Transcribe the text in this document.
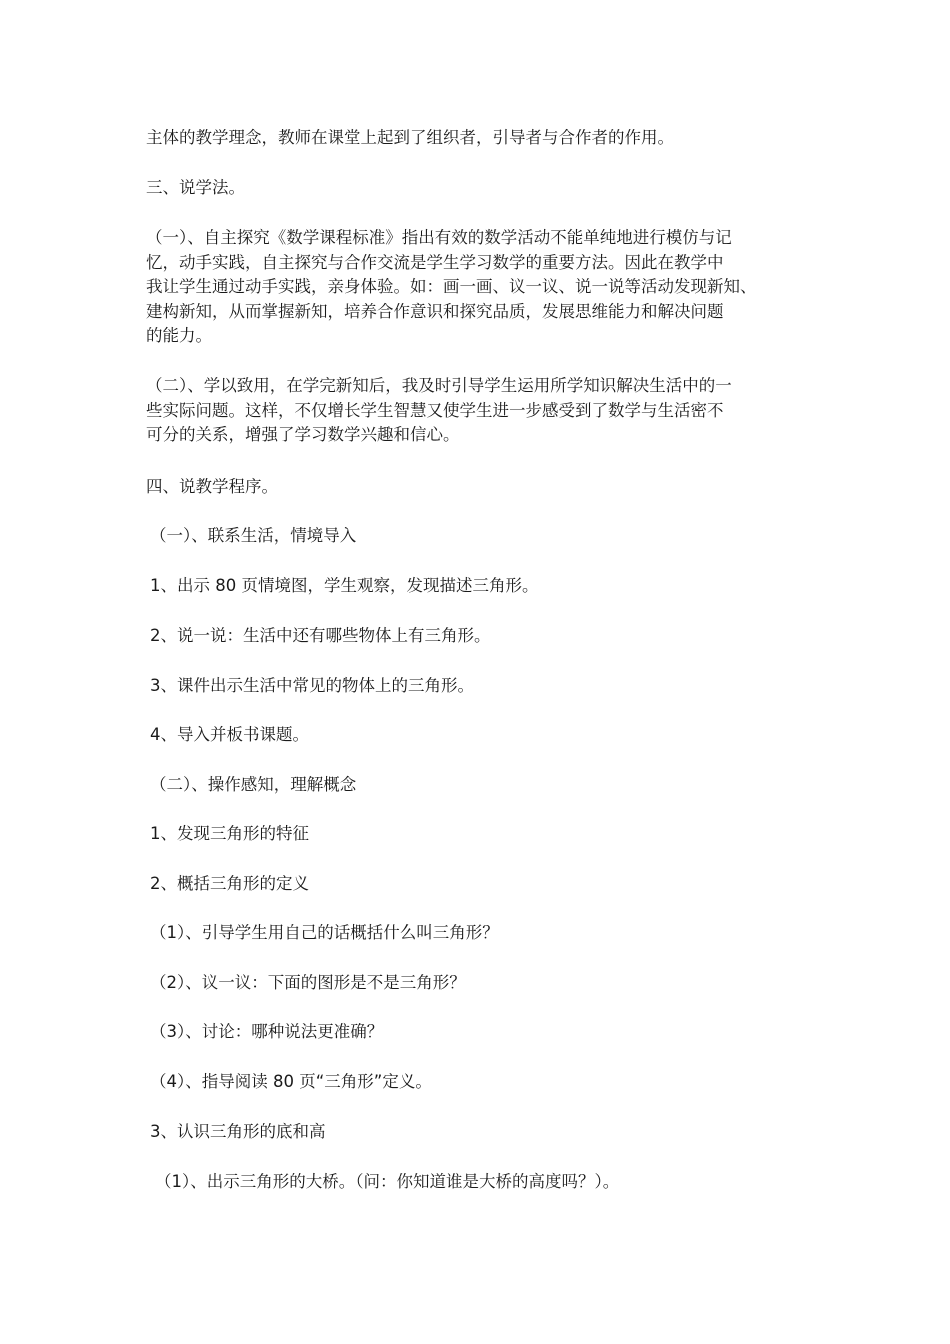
主体的教学理念，教师在课堂上起到了组织者，引导者与合作者的作用。

三、说学法。

（一）、自主探究《数学课程标准》指出有效的数学活动不能单纯地进行模仿与记
忆，动手实践，自主探究与合作交流是学生学习数学的重要方法。因此在教学中
我让学生通过动手实践，亲身体验。如：画一画、议一议、说一说等活动发现新知、
建构新知，从而掌握新知，培养合作意识和探究品质，发展思维能力和解决问题
的能力。
（二）、学以致用，在学完新知后，我及时引导学生运用所学知识解决生活中的一
些实际问题。这样，不仅增长学生智慧又使学生进一步感受到了数学与生活密不
可分的关系，增强了学习数学兴趣和信心。

四、说教学程序。

（一）、联系生活，情境导入

1、出示 80 页情境图，学生观察，发现描述三角形。

2、说一说：生活中还有哪些物体上有三角形。

3、课件出示生活中常见的物体上的三角形。

4、导入并板书课题。

（二）、操作感知，理解概念

1、发现三角形的特征

2、概括三角形的定义

（1）、引导学生用自己的话概括什么叫三角形？

（2）、议一议：下面的图形是不是三角形？

（3）、讨论：哪种说法更准确？

（4）、指导阅读 80 页“三角形”定义。

3、认识三角形的底和高

（1）、出示三角形的大桥。（问：你知道谁是大桥的高度吗？）。
